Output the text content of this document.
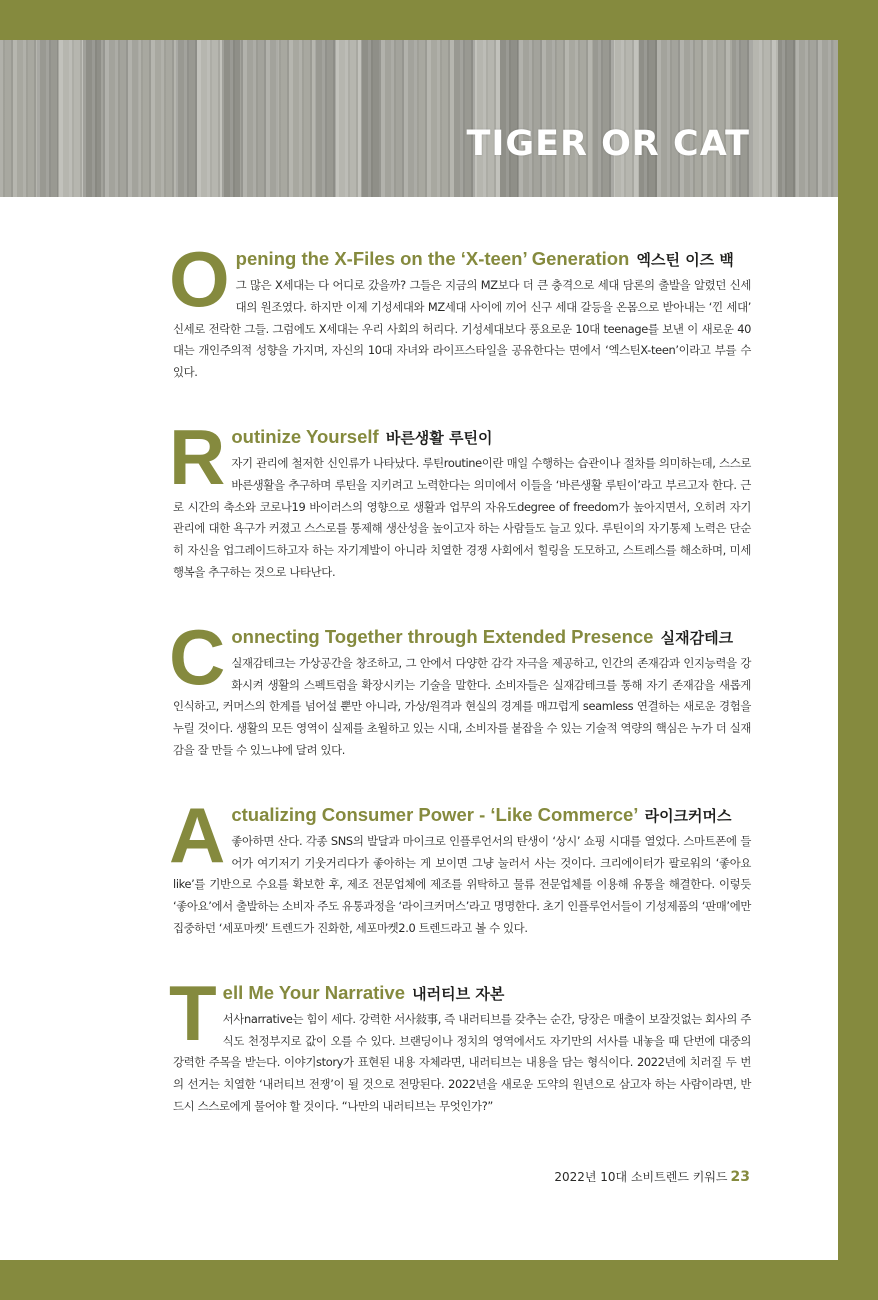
TIGER OR CAT
O pening the X-Files on the ‘X-teen’ Generation 엑스틴 이즈 백

그 많은 X세대는 다 어디로 갔을까? 그들은 지금의 MZ보다 더 큰 충격으로 세대 담론의 출발을 알렸던 신세대의 원조였다. 하지만 이제 기성세대와 MZ세대 사이에 끼어 신구 세대 갈등을 온몸으로 받아내는 ‘낀 세대’ 신세로 전락한 그들. 그럼에도 X세대는 우리 사회의 허리다. 기성세대보다 풍요로운 10대 teenage를 보낸 이 새로운 40대는 개인주의적 성향을 가지며, 자신의 10대 자녀와 라이프스타일을 공유한다는 면에서 ‘엑스틴X-teen’이라고 부를 수 있다.

R outinize Yourself 바른생활 루틴이

자기 관리에 철저한 신인류가 나타났다. 루틴routine이란 매일 수행하는 습관이나 절차를 의미하는데, 스스로 바른생활을 추구하며 루틴을 지키려고 노력한다는 의미에서 이들을 ‘바른생활 루틴이’라고 부르고자 한다. 근로 시간의 축소와 코로나19 바이러스의 영향으로 생활과 업무의 자유도degree of freedom가 높아지면서, 오히려 자기 관리에 대한 욕구가 커졌고 스스로를 통제해 생산성을 높이고자 하는 사람들도 늘고 있다. 루틴이의 자기통제 노력은 단순히 자신을 업그레이드하고자 하는 자기계발이 아니라 치열한 경쟁 사회에서 힐링을 도모하고, 스트레스를 해소하며, 미세행복을 추구하는 것으로 나타난다.

C onnecting Together through Extended Presence 실재감테크

실재감테크는 가상공간을 창조하고, 그 안에서 다양한 감각 자극을 제공하고, 인간의 존재감과 인지능력을 강화시켜 생활의 스펙트럼을 확장시키는 기술을 말한다. 소비자들은 실재감테크를 통해 자기 존재감을 새롭게 인식하고, 커머스의 한계를 넘어설 뿐만 아니라, 가상/원격과 현실의 경계를 매끄럽게 seamless 연결하는 새로운 경험을 누릴 것이다. 생활의 모든 영역이 실제를 초월하고 있는 시대, 소비자를 붙잡을 수 있는 기술적 역량의 핵심은 누가 더 실재감을 잘 만들 수 있느냐에 달려 있다.

A ctualizing Consumer Power - ‘Like Commerce’ 라이크커머스

좋아하면 산다. 각종 SNS의 발달과 마이크로 인플루언서의 탄생이 ‘상시’ 쇼핑 시대를 열었다. 스마트폰에 들어가 여기저기 기웃거리다가 좋아하는 게 보이면 그냥 눌러서 사는 것이다. 크리에이터가 팔로워의 ‘좋아요like’를 기반으로 수요를 확보한 후, 제조 전문업체에 제조를 위탁하고 물류 전문업체를 이용해 유통을 해결한다. 이렇듯 ‘좋아요’에서 출발하는 소비자 주도 유통과정을 ‘라이크커머스’라고 명명한다. 초기 인플루언서들이 기성제품의 ‘판매’에만 집중하던 ‘세포마켓’ 트렌드가 진화한, 세포마켓2.0 트렌드라고 볼 수 있다.

T ell Me Your Narrative 내러티브 자본

서사narrative는 힘이 세다. 강력한 서사敍事, 즉 내러티브를 갖추는 순간, 당장은 매출이 보잘것없는 회사의 주식도 천정부지로 값이 오를 수 있다. 브랜딩이나 정치의 영역에서도 자기만의 서사를 내놓을 때 단번에 대중의 강력한 주목을 받는다. 이야기story가 표현된 내용 자체라면, 내러티브는 내용을 담는 형식이다. 2022년에 치러질 두 번의 선거는 치열한 ‘내러티브 전쟁’이 될 것으로 전망된다. 2022년을 새로운 도약의 원년으로 삼고자 하는 사람이라면, 반드시 스스로에게 물어야 할 것이다. “나만의 내러티브는 무엇인가?”

2022년 10대 소비트렌드 키워드 23
